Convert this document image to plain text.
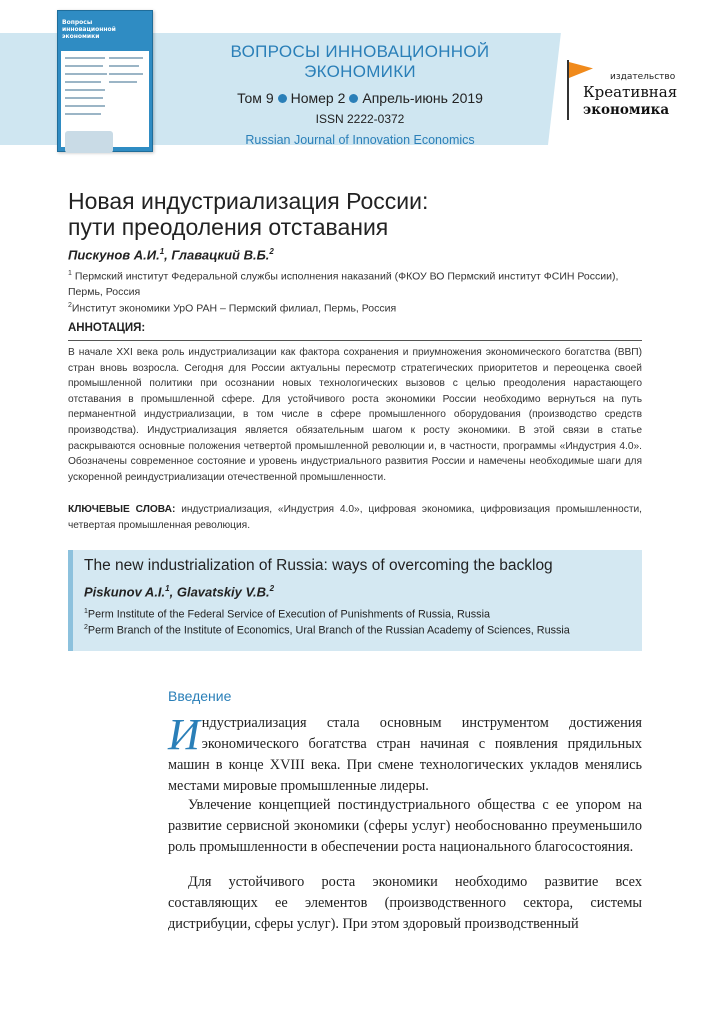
Вопросы
инновационной экономики
ВОПРОСЫ ИННОВАЦИОННОЙ ЭКОНОМИКИ
Том 9 Номер 2 Апрель-июнь 2019
ISSN 2222-0372
Russian Journal of Innovation Economics
издательство
Креативная
экономика
Новая индустриализация России:
пути преодоления отставания
Пискунов А.И.$^1$, Главацкий В.Б.$^2$
$^1$ Пермский институт Федеральной службы исполнения наказаний (ФКОУ ВО Пермский институт ФСИН России), Пермь, Россия
$^2$Институт экономики УрО РАН – Пермский филиал, Пермь, Россия
АННОТАЦИЯ:
В начале XXI века роль индустриализации как фактора сохранения и приумножения экономического богатства (ВВП) стран вновь возросла. Сегодня для России актуальны пересмотр стратегических приоритетов и переоценка своей промышленной политики при осознании новых технологических вызовов с целью преодоления нарастающего отставания в промышленной сфере. Для устойчивого роста экономики России необходимо вернуться на путь перманентной индустриализации, в том числе в сфере промышленного оборудования (производство средств производства). Индустриализация является обязательным шагом к росту экономики. В этой связи в статье раскрываются основные положения четвертой промышленной революции и, в частности, программы «Индустрия 4.0». Обозначены современное состояние и уровень индустриального развития России и намечены необходимые шаги для ускоренной реиндустриализации отечественной промышленности.
КЛЮЧЕВЫЕ СЛОВА: индустриализация, «Индустрия 4.0», цифровая экономика, цифровизация промышленности, четвертая промышленная революция.
The new industrialization of Russia: ways of overcoming the backlog
Piskunov A.I.$^1$, Glavatskiy V.B.$^2$
$^1$Perm Institute of the Federal Service of Execution of Punishments of Russia, Russia
$^2$Perm Branch of the Institute of Economics, Ural Branch of the Russian Academy of Sciences, Russia
Введение
Индустриализация стала основным инструментом достижения экономического богатства стран начиная с появления прядильных машин в конце XVIII века. При смене технологических укладов менялись местами мировые промышленные лидеры.
Увлечение концепцией постиндустриального общества с ее упором на развитие сервисной экономики (сферы услуг) необоснованно преуменьшило роль промышленности в обеспечении роста национального благосостояния.
Для устойчивого роста экономики необходимо развитие всех составляющих ее элементов (производственного сектора, системы дистрибуции, сферы услуг). При этом здоровый производственный
